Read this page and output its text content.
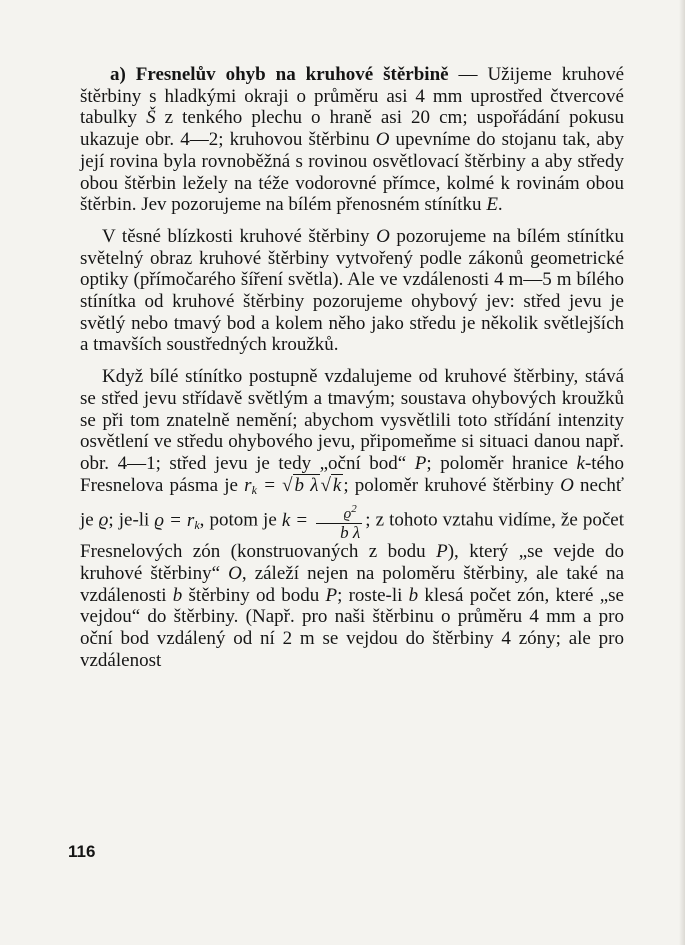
a) Fresnelův ohyb na kruhové štěrbině — Užijeme kruhové štěrbiny s hladkými okraji o průměru asi 4 mm uprostřed čtvercové tabulky Š z tenkého plechu o hraně asi 20 cm; uspořádání pokusu ukazuje obr. 4—2; kruhovou štěrbinu O upevníme do stojanu tak, aby její rovina byla rovnoběžná s rovinou osvětlovací štěrbiny a aby středy obou štěrbin ležely na téže vodorovné přímce, kolmé k rovinám obou štěrbin. Jev pozorujeme na bílém přenosném stínítku E.

V těsné blízkosti kruhové štěrbiny O pozorujeme na bílém stínítku světelný obraz kruhové štěrbiny vytvořený podle zákonů geometrické optiky (přímočarého šíření světla). Ale ve vzdálenosti 4 m—5 m bílého stínítka od kruhové štěrbiny pozorujeme ohybový jev: střed jevu je světlý nebo tmavý bod a kolem něho jako středu je několik světlejších a tmavších soustředných kroužků.

Když bílé stínítko postupně vzdalujeme od kruhové štěrbiny, stává se střed jevu střídavě světlým a tmavým; soustava ohybových kroužků se při tom znatelně nemění; abychom vysvětlili toto střídání intenzity osvětlení ve středu ohybového jevu, připomeňme si situaci danou např. obr. 4—1; střed jevu je tedy „oční bod“ P; poloměr hranice k-tého Fresnelova pásma je $r_k$ = √ b λ √ k ; poloměr kruhové štěrbiny O nechť je ϱ; je-li $ϱ = r_k$, potom je $k = \frac{ϱ^2}{\text{b λ}}$ ; z tohoto vztahu vidíme, že počet Fresnelových zón (konstruovaných z bodu P), který „se vejde do kruhové štěrbiny“ O, záleží nejen na poloměru štěrbiny, ale také na vzdálenosti b štěrbiny od bodu P; roste-li b klesá počet zón, které „se vejdou“ do štěrbiny. (Např. pro naši štěrbinu o průměru 4 mm a pro oční bod vzdálený od ní 2 m se vejdou do štěrbiny 4 zóny; ale pro vzdálenost

116
